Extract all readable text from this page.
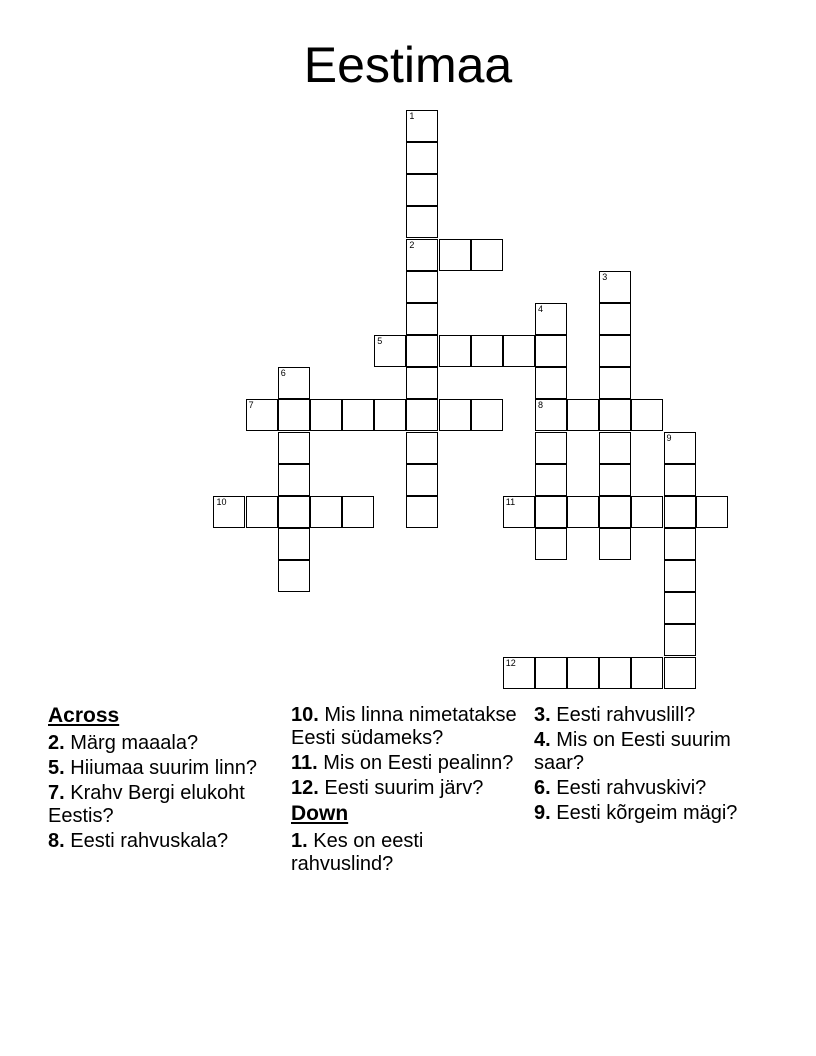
Eestimaa
1
2
3
4
8
5
6
7
9
10	11
12
Across
2. Märg maaala?
5. Hiiumaa suurim linn?
7. Krahv Bergi elukoht Eestis?
8. Eesti rahvuskala?
10. Mis linna nimetatakse Eesti südameks?
11. Mis on Eesti pealinn?
12. Eesti suurim järv?
Down
1. Kes on eesti rahvuslind?
3. Eesti rahvuslill?
4. Mis on Eesti suurim saar?
6. Eesti rahvuskivi?
9. Eesti kõrgeim mägi?
